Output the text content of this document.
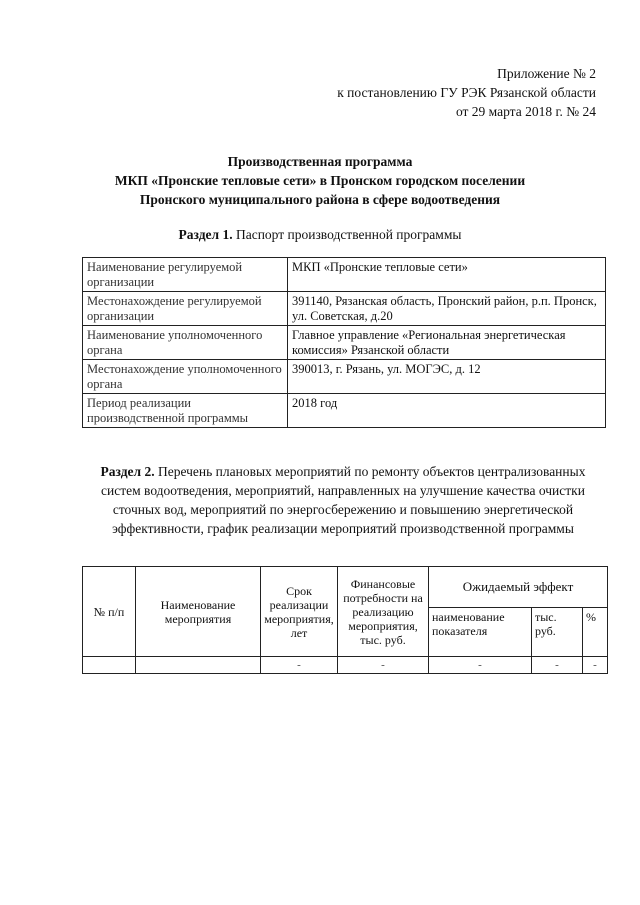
Приложение № 2
к постановлению ГУ РЭК Рязанской области
от 29 марта 2018 г. № 24
Производственная программа
МКП «Пронские тепловые сети» в Пронском городском поселении
Пронского муниципального района в сфере водоотведения
Раздел 1. Паспорт производственной программы
Наименование регулируемой организации	МКП «Пронские тепловые сети»
Местонахождение регулируемой организации	391140, Рязанская область, Пронский район, р.п. Пронск, ул. Советская, д.20
Наименование уполномоченного органа	Главное управление «Региональная энергетическая комиссия» Рязанской области
Местонахождение уполномоченного органа	390013, г. Рязань, ул. МОГЭС, д. 12
Период реализации производственной программы	2018 год
Раздел 2. Перечень плановых мероприятий по ремонту объектов централизованных систем водоотведения, мероприятий, направленных на улучшение качества очистки сточных вод, мероприятий по энергосбережению и повышению энергетической эффективности, график реализации мероприятий производственной программы
№ п/п	Наименование мероприятия	Срок реализации мероприятия, лет	Финансовые потребности на реализацию мероприятия, тыс. руб.	Ожидаемый эффект		
				наименование показателя	тыс. руб.	%
		-	-	-	-	-
